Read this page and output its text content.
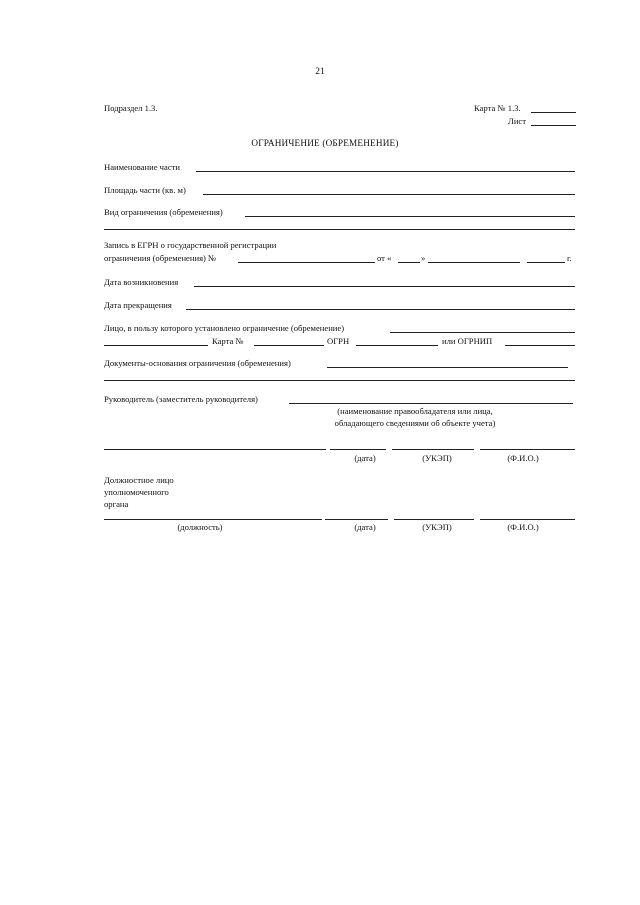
21
Подраздел 1.3.	Карта № 1.3.
Лист
ОГРАНИЧЕНИЕ (ОБРЕМЕНЕНИЕ)
Наименование части
Площадь части (кв. м)
Вид ограничения (обременения)
Запись в ЕГРН о государственной регистрации
ограничения (обременения) №	от «	»	г.
Дата возникновения
Дата прекращения
Лицо, в пользу которого установлено ограничение (обременение)
Карта №	ОГРН	или ОГРНИП
Документы-основания ограничения (обременения)
Руководитель (заместитель руководителя)
(наименование правообладателя или лица,
обладающего сведениями об объекте учета)
(дата)	(УКЭП)	(Ф.И.О.)
Должностное лицо
уполномоченного
органа
(должность)	(дата)	(УКЭП)	(Ф.И.О.)
